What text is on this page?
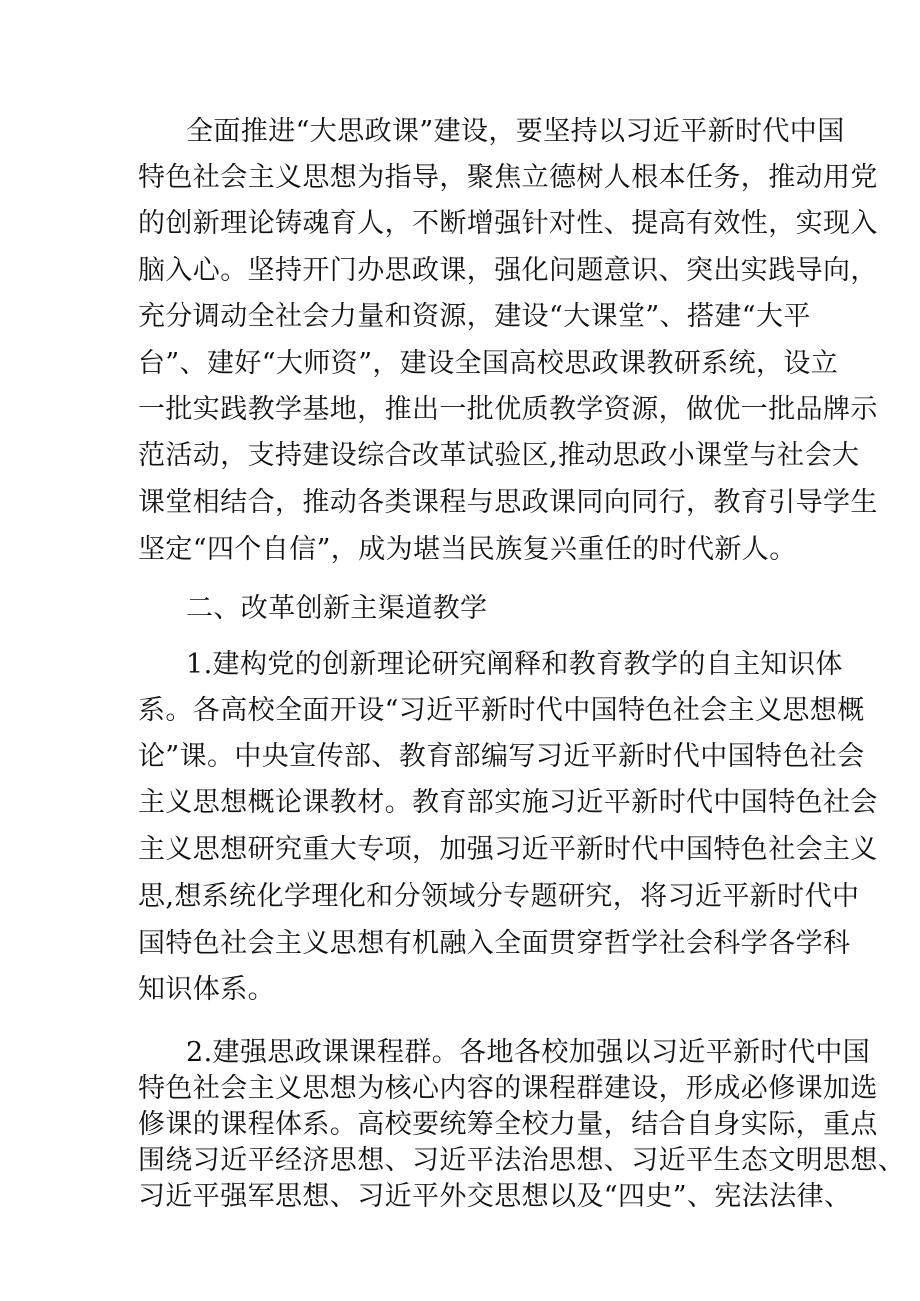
全面推进“大思政课”建设，要坚持以习近平新时代中国
特色社会主义思想为指导，聚焦立德树人根本任务，推动用党
的创新理论铸魂育人，不断增强针对性、提高有效性，实现入
脑入心。坚持开门办思政课，强化问题意识、突出实践导向，
充分调动全社会力量和资源，建设“大课堂”、搭建“大平
台”、建好“大师资”，建设全国高校思政课教研系统，设立
一批实践教学基地，推出一批优质教学资源，做优一批品牌示
范活动，支持建设综合改革试验区,推动思政小课堂与社会大
课堂相结合，推动各类课程与思政课同向同行，教育引导学生
坚定“四个自信”，成为堪当民族复兴重任的时代新人。
二、改革创新主渠道教学
1.建构党的创新理论研究阐释和教育教学的自主知识体
系。各高校全面开设“习近平新时代中国特色社会主义思想概
论”课。中央宣传部、教育部编写习近平新时代中国特色社会
主义思想概论课教材。教育部实施习近平新时代中国特色社会
主义思想研究重大专项，加强习近平新时代中国特色社会主义
思,想系统化学理化和分领域分专题研究，将习近平新时代中
国特色社会主义思想有机融入全面贯穿哲学社会科学各学科
知识体系。
2.建强思政课课程群。各地各校加强以习近平新时代中国
特色社会主义思想为核心内容的课程群建设，形成必修课加选
修课的课程体系。高校要统筹全校力量，结合自身实际，重点
围绕习近平经济思想、习近平法治思想、习近平生态文明思想、
习近平强军思想、习近平外交思想以及“四史”、宪法法律、
